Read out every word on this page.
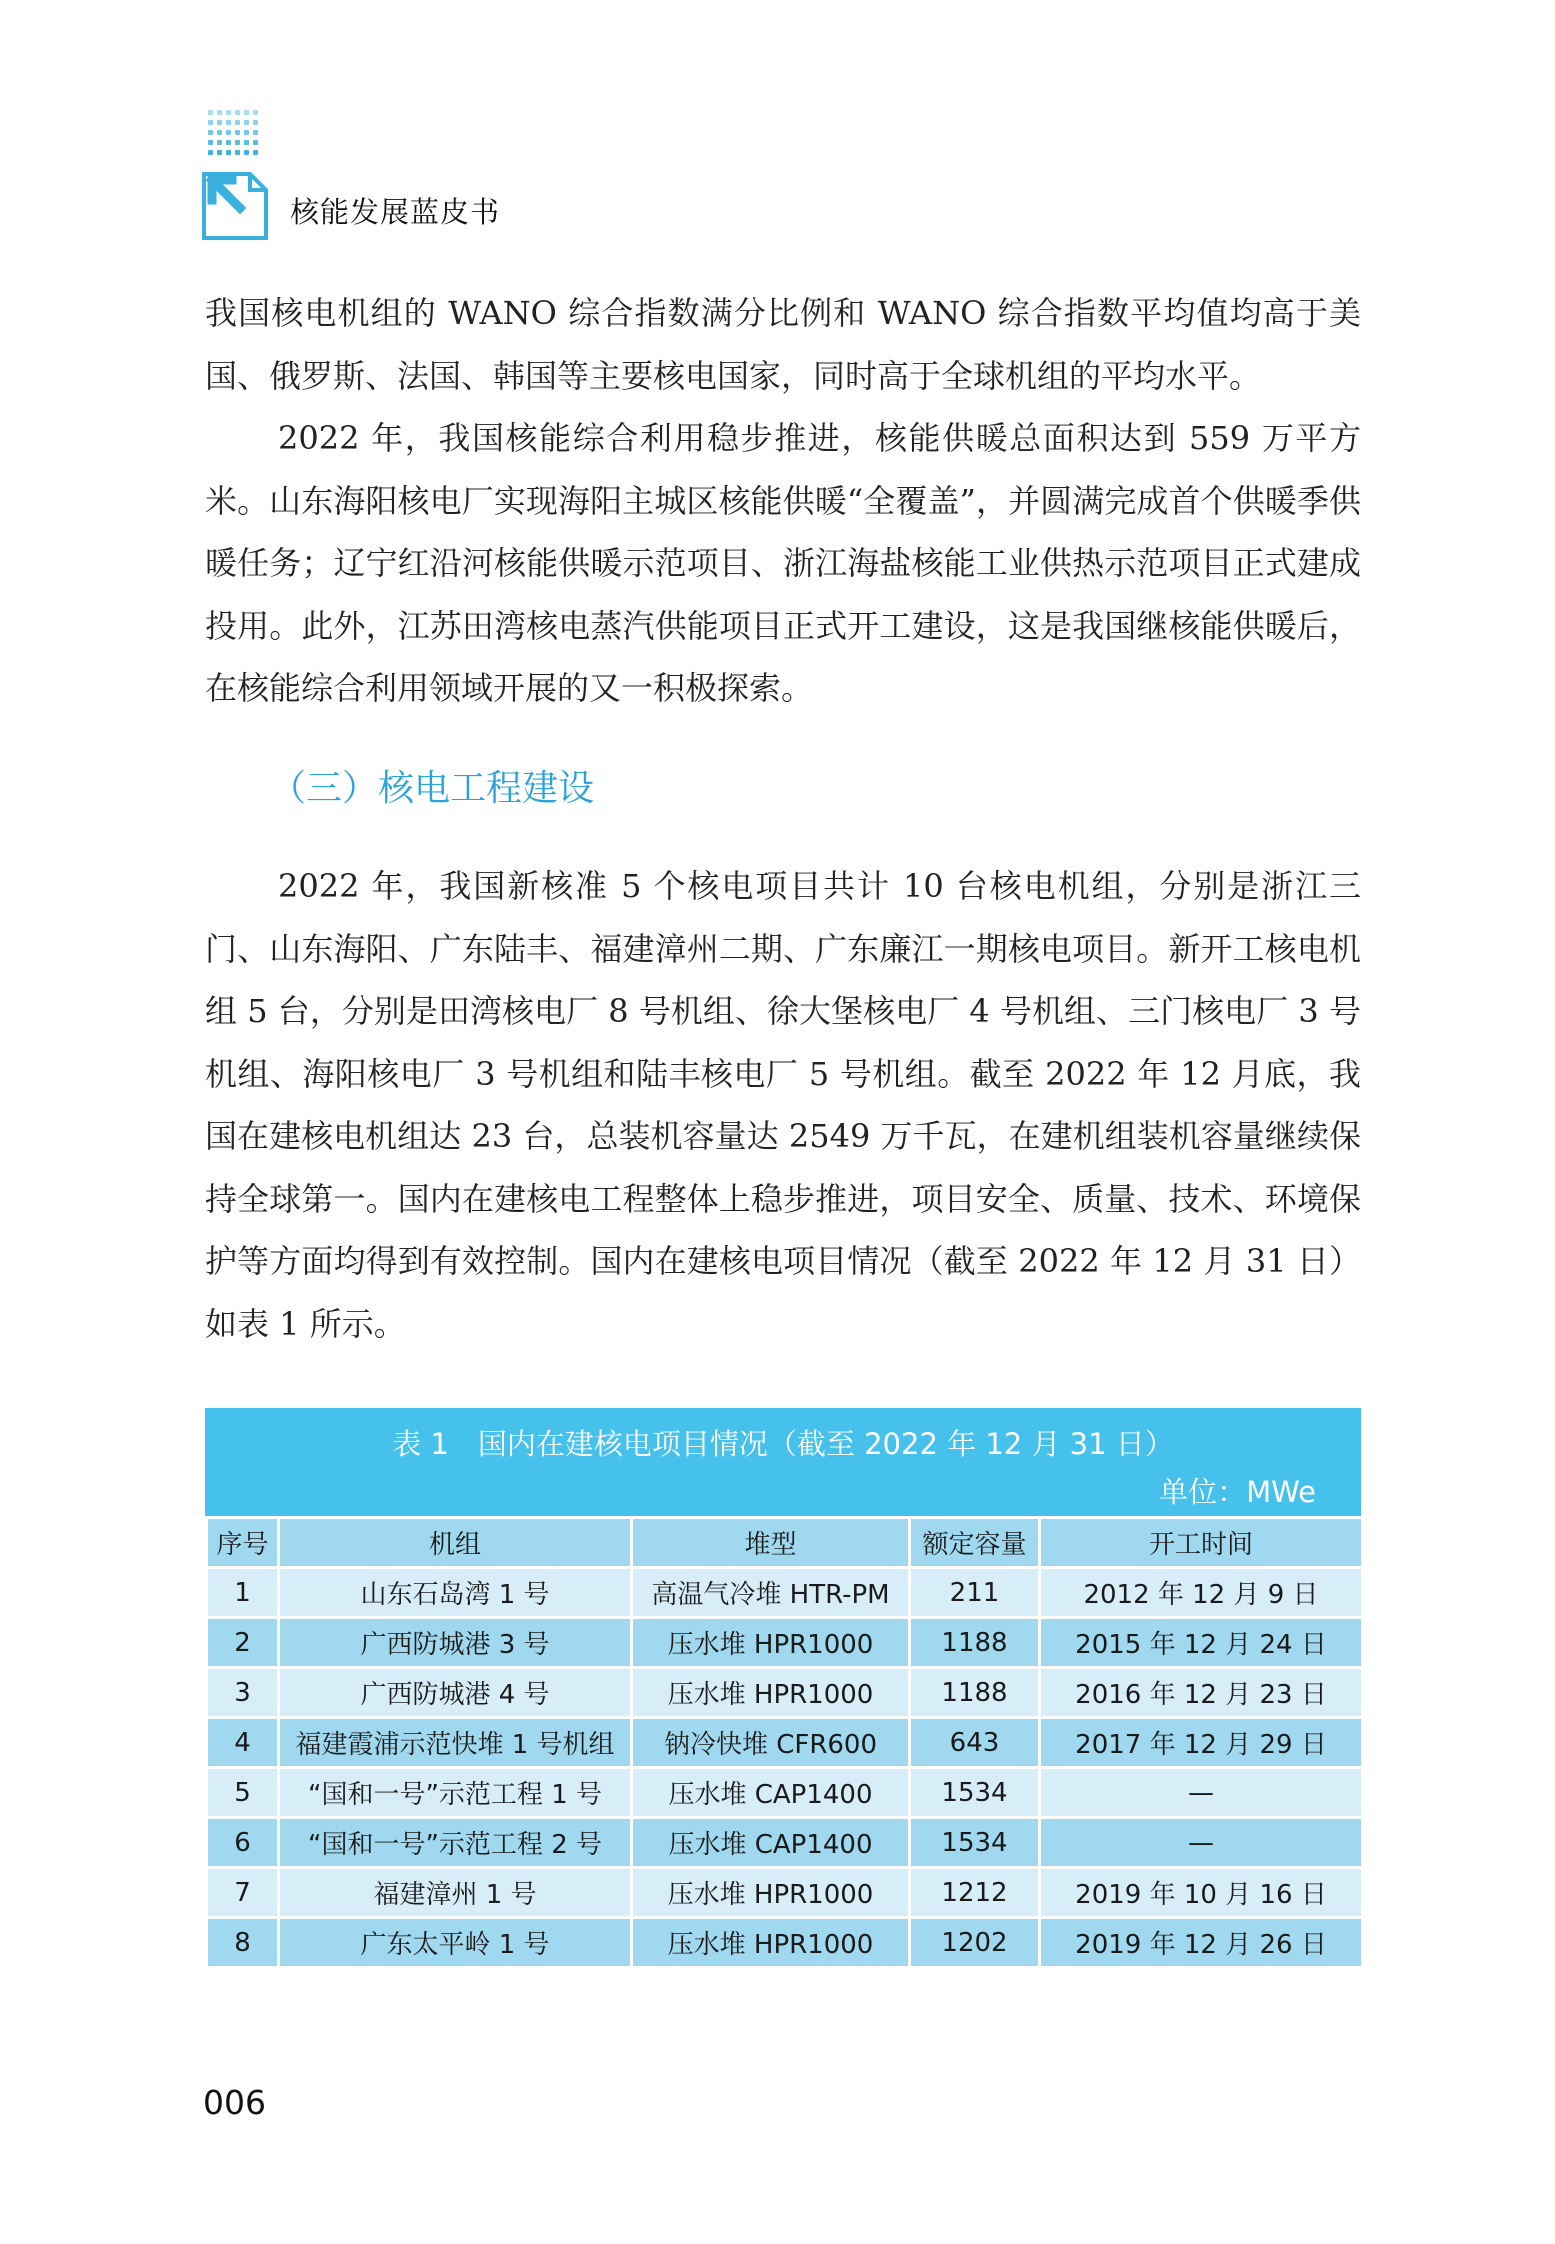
核能发展蓝皮书

我国核电机组的 WANO 综合指数满分比例和 WANO 综合指数平均值均高于美国、俄罗斯、法国、韩国等主要核电国家，同时高于全球机组的平均水平。

2022 年，我国核能综合利用稳步推进，核能供暖总面积达到 559 万平方米。山东海阳核电厂实现海阳主城区核能供暖“全覆盖”，并圆满完成首个供暖季供暖任务；辽宁红沿河核能供暖示范项目、浙江海盐核能工业供热示范项目正式建成投用。此外，江苏田湾核电蒸汽供能项目正式开工建设，这是我国继核能供暖后，在核能综合利用领域开展的又一积极探索。

（三）核电工程建设

2022 年，我国新核准 5 个核电项目共计 10 台核电机组，分别是浙江三门、山东海阳、广东陆丰、福建漳州二期、广东廉江一期核电项目。新开工核电机组 5 台，分别是田湾核电厂 8 号机组、徐大堡核电厂 4 号机组、三门核电厂 3 号机组、海阳核电厂 3 号机组和陆丰核电厂 5 号机组。截至 2022 年 12 月底，我国在建核电机组达 23 台，总装机容量达 2549 万千瓦，在建机组装机容量继续保持全球第一。国内在建核电工程整体上稳步推进，项目安全、质量、技术、环境保护等方面均得到有效控制。国内在建核电项目情况（截至 2022 年 12 月 31 日）如表 1 所示。

表 1　国内在建核电项目情况（截至 2022 年 12 月 31 日）
单位：MWe
序号	机组	堆型	额定容量	开工时间
1	山东石岛湾 1 号	高温气冷堆 HTR-PM	211	2012 年 12 月 9 日
2	广西防城港 3 号	压水堆 HPR1000	1188	2015 年 12 月 24 日
3	广西防城港 4 号	压水堆 HPR1000	1188	2016 年 12 月 23 日
4	福建霞浦示范快堆 1 号机组	钠冷快堆 CFR600	643	2017 年 12 月 29 日
5	“国和一号”示范工程 1 号	压水堆 CAP1400	1534	—
6	“国和一号”示范工程 2 号	压水堆 CAP1400	1534	—
7	福建漳州 1 号	压水堆 HPR1000	1212	2019 年 10 月 16 日
8	广东太平岭 1 号	压水堆 HPR1000	1202	2019 年 12 月 26 日
006
